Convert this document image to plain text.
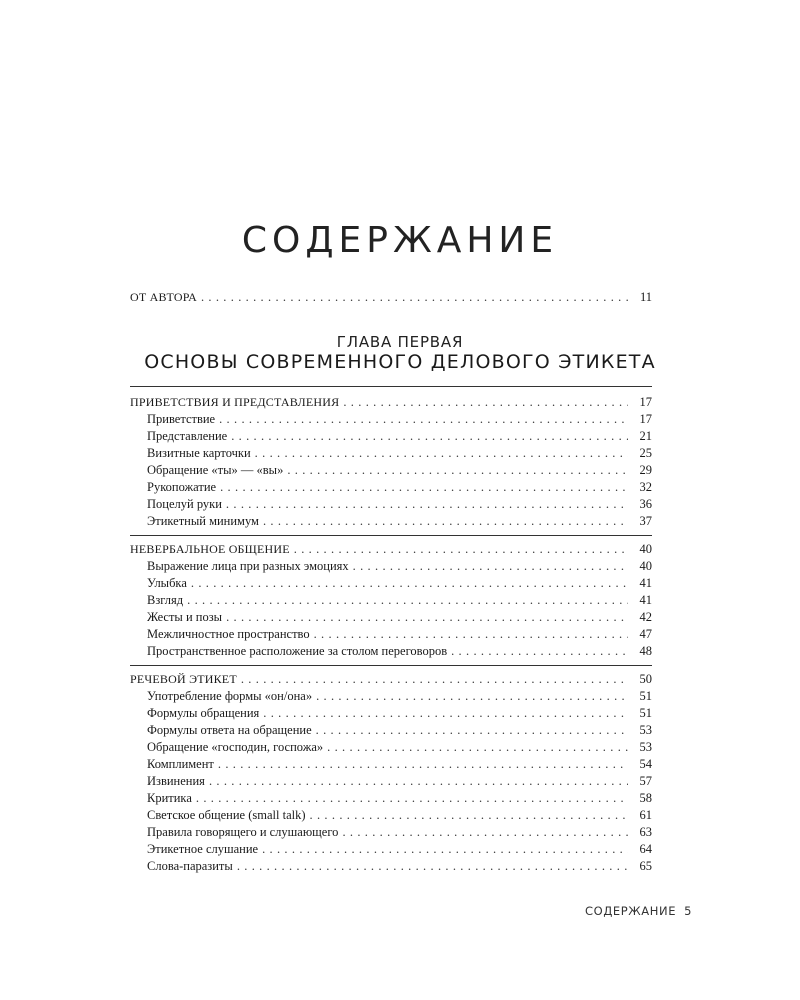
СОДЕРЖАНИЕ
ОТ АВТОРА . . .	11
ГЛАВА ПЕРВАЯ
ОСНОВЫ СОВРЕМЕННОГО ДЕЛОВОГО ЭТИКЕТА
ПРИВЕТСТВИЯ И ПРЕДСТАВЛЕНИЯ . . .	17
Приветствие . . .	17
Представление . . .	21
Визитные карточки . . .	25
Обращение «ты» — «вы» . . .	29
Рукопожатие . . .	32
Поцелуй руки . . .	36
Этикетный минимум . . .	37
НЕВЕРБАЛЬНОЕ ОБЩЕНИЕ . . .	40
Выражение лица при разных эмоциях . . .	40
Улыбка . . .	41
Взгляд . . .	41
Жесты и позы . . .	42
Межличностное пространство . . .	47
Пространственное расположение за столом переговоров . . .	48
РЕЧЕВОЙ ЭТИКЕТ . . .	50
Употребление формы «он/она» . . .	51
Формулы обращения . . .	51
Формулы ответа на обращение . . .	53
Обращение «господин, госпожа» . . .	53
Комплимент . . .	54
Извинения . . .	57
Критика . . .	58
Светское общение (small talk) . . .	61
Правила говорящего и слушающего . . .	63
Этикетное слушание . . .	64
Слова-паразиты . . .	65
СОДЕРЖАНИЕ 5
